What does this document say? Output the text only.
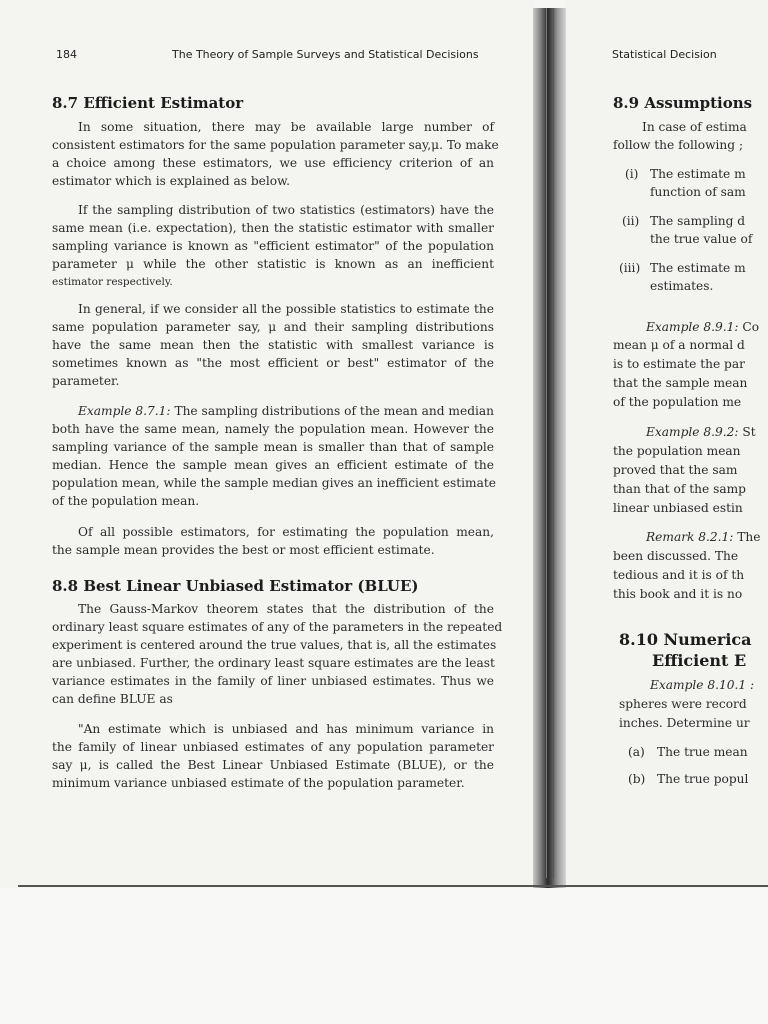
184	The Theory of Sample Surveys and Statistical Decisions
8.7 Efficient Estimator
In some situation, there may be available large number of
consistent estimators for the same population parameter say,μ. To make
a choice among these estimators, we use efficiency criterion of an
estimator which is explained as below.
If the sampling distribution of two statistics (estimators) have the
same mean (i.e. expectation), then the statistic estimator with smaller
sampling variance is known as "efficient estimator" of the population
parameter μ while the other statistic is known as an inefficient
estimator respectively.
In general, if we consider all the possible statistics to estimate the
same population parameter say, μ and their sampling distributions
have the same mean then the statistic with smallest variance is
sometimes known as "the most efficient or best" estimator of the
parameter.
Example 8.7.1: The sampling distributions of the mean and median
both have the same mean, namely the population mean. However the
sampling variance of the sample mean is smaller than that of sample
median. Hence the sample mean gives an efficient estimate of the
population mean, while the sample median gives an inefficient estimate
of the population mean.
Of all possible estimators, for estimating the population mean,
the sample mean provides the best or most efficient estimate.
8.8 Best Linear Unbiased Estimator (BLUE)
The Gauss-Markov theorem states that the distribution of the
ordinary least square estimates of any of the parameters in the repeated
experiment is centered around the true values, that is, all the estimates
are unbiased. Further, the ordinary least square estimates are the least
variance estimates in the family of liner unbiased estimates. Thus we
can define BLUE as
"An estimate which is unbiased and has minimum variance in
the family of linear unbiased estimates of any population parameter
say μ, is called the Best Linear Unbiased Estimate (BLUE), or the
minimum variance unbiased estimate of the population parameter.
Statistical Decision
8.9 Assumptions

In case of estima

follow the following ;

(i) The estimate m

function of sam

(ii) The sampling d

the true value of

(iii) The estimate m

estimates.

Example 8.9.1: Co

mean μ of a normal d

is to estimate the par

that the sample mean

of the population me

Example 8.9.2: St

the population mean

proved that the sam

than that of the samp

linear unbiased estin

Remark 8.2.1: The

been discussed. The

tedious and it is of th

this book and it is no

8.10 Numerica
Efficient E

Example 8.10.1 :

spheres were record

inches. Determine ur

(a) The true mean

(b) The true popul
